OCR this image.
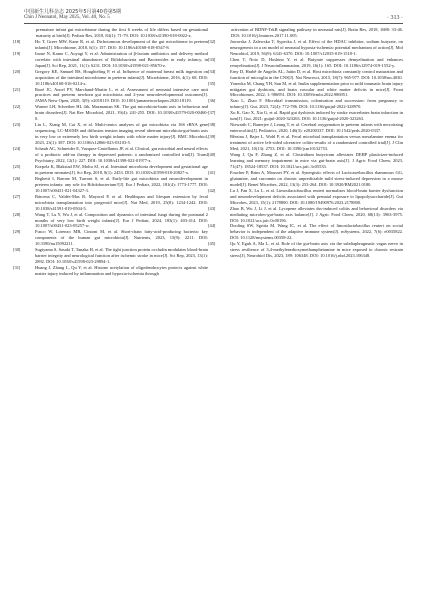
中国新生儿科杂志 2025年5月第40卷第5期
Chin J Neonatol, May 2025, Vol. 40, No. 5	· 313 ·

premature infant gut microbiome during the first 6 weeks of life differs based on gestational maturity at birth[J]. Pediatr Res, 2018, 84(1): 71-79. DOI: 10.1038/s41390-018-0022-z.

[18]	Ho T, Greer MW, Kane R, et al. Dichotomous development of the gut microbiome in preterm infants[J]. Microbiome, 2018, 6(1): 157. DOI: 10.1186/s40168-018-0547-8.

[19]	Inoue N, Kamo C, Aoyagi Y, et al. Administration of β-lactam antibiotics and delivery method correlate with intestinal abundances of Bifidobacteria and Bacteroides in early infancy, in Japan[J]. Sci Rep, 2021, 11(1): 6231. DOI: 10.1038/s41598-021-85670-z.

[20]	Gregory KE, Samuel BS, Houghteling P, et al. Influence of maternal breast milk ingestion on acquisition of the intestinal microbiome in preterm infants[J]. Microbiome, 2016, 4(1): 68. DOI: 10.1186/s40168-016-0214-x.

[21]	Rozé JC, Ancel PY, Marchand-Martin L, et al. Assessment of neonatal intensive care unit practices and preterm newborn gut microbiota and 2-year neurodevelopmental outcomes[J]. JAMA Netw Open, 2020, 3(9): e2018119. DOI: 10.1001/jamanetworkopen.2020.18119.

[22]	Warner LH, Schreiber HL 4th, Mazmanian SK. The gut microbiota-brain axis in behaviour and brain disorders[J]. Nat Rev Microbiol, 2021, 19(4): 241-255. DOI: 10.1038/s41579-020-00460-0.

[23]	Liu L, Xiang M, Cai X, et al. Multi-omics analyses of gut microbiota via 16S rRNA gene sequencing, LC-MS/MS and diffusion tension imaging reveal aberrant microbiota-gut-brain axis in very low or extremely low birth weight infants with white matter injury[J]. BMC Microbiol, 2023, 23(1): 387. DOI: 10.1186/s12866-023-03103-5.

[24]	Schaub AC, Schneider E, Vazquez-Castellanos JF, et al. Clinical, gut microbial and neural effects of a probiotic add-on therapy in depressed patients: a randomized controlled trial[J]. Transl Psychiatry, 2022, 12(1): 227. DOI: 10.1038/s41398-022-01977-z.

[25]	Korpela K, Blakstad EW, Moltu SJ, et al. Intestinal microbiota development and gestational age in preterm neonates[J]. Sci Rep, 2018, 8(1): 2453. DOI: 10.1038/s41598-018-20827-x.

[26]	Beghetti I, Barone M, Turroni S, et al. Early-life gut microbiota and neurodevelopment in preterm infants: any role for Bifidobacterium?[J]. Eur J Pediatr, 2022, 181(4): 1773-1777. DOI: 10.1007/s00431-021-04327-3.

[27]	Bárcena C, Valdés-Mas R, Mayoral P, et al. Healthspan and lifespan extension by fecal microbiota transplantation into progeroid mice[J]. Nat Med, 2019, 25(8): 1234-1242. DOI: 10.1038/s41591-019-0504-5.

[28]	Wang T, Lu Y, Wu J, et al. Composition and dynamics of intestinal fungi during the postnatal 2 months of very low birth weight infants[J]. Eur J Pediatr, 2024, 183(1): 403-414. DOI: 10.1007/s00431-023-05257-w.

[29]	Fusco W, Lorenzo MB, Cintoni M, et al. Short-chain fatty-acid-producing bacteria: key components of the human gut microbiota[J]. Nutrients, 2023, 15(9): 2211. DOI: 10.3390/nu15092211.

[30]	Sugiyama S, Sasaki T, Tanaka H, et al. The tight junction protein occludin modulates blood-brain barrier integrity and neurological function after ischemic stroke in mice[J]. Sci Rep, 2023, 13(1): 2892. DOI: 10.1038/s41598-023-29894-1.

[31]	Huang J, Zhang L, Qu Y, et al. Histone acetylation of oligodendrocytes protects against white matter injury induced by inflammation and hypoxia-ischemia through

activation of BDNF-TrkB signaling pathway in neonatal rats[J]. Brain Res, 2018, 1688: 33-46. DOI: 10.1016/j.brainres.2017.11.005.

[32]	Jaworska J, Zalewska T, Sypecka J, et al. Effect of the HDAC inhibitor, sodium butyrate, on neurogenesis in a rat model of neonatal hypoxia-ischemia: potential mechanism of action[J]. Mol Neurobiol, 2019, 56(9): 6341-6370. DOI: 10.1007/s12035-019-1518-1.

[33]	Chen T, Noto D, Hoshino Y, et al. Butyrate suppresses demyelination and enhances remyelination[J]. J Neuroinflammation, 2019, 16(1): 165. DOI: 10.1186/s12974-019-1552-y.

[34]	Erny D, Hrabě de Angelis AL, Jaitin D, et al. Host microbiota constantly control maturation and function of microglia in the CNS[J]. Nat Neurosci, 2015, 18(7): 965-977. DOI: 10.1038/nn.4030.

[35]	Yoneoka M, Chang YH, Sun M, et al. Inulin supplementation prior to mild traumatic brain injury mitigates gut dysbiosis, and brain vascular and white matter deficits in mice[J]. Front Microbiomes, 2022, 1: 986951. DOI: 10.3389/frmbi.2022.986951.

[36]	Xiao L, Zhao F. Microbial transmission, colonisation and succession: from pregnancy to infancy[J]. Gut, 2023, 72(4): 772-786. DOI: 10.1136/gutjnl-2022-328970.

[37]	Xu K, Gao X, Xia G, et al. Rapid gut dysbiosis induced by stroke exacerbates brain infarction in turn[J]. Gut, 2021: gutjnl-2020-323263. DOI: 10.1136/gutjnl-2020-323263.

[38]	Niewarth C, Banerjee J, Leung T, et al. Cerebral oxygenation in preterm infants with necrotizing enterocolitis[J]. Pediatrics, 2020, 146(3): e20200337. DOI: 10.1542/peds.2020-0337.

[39]	Březina J, Bajer L, Wohl P, et al. Fecal microbial transplantation versus mesalamine enema for treatment of active left-sided ulcerative colitis-results of a randomized controlled trial[J]. J Clin Med, 2021, 10(13): 2753. DOI: 10.3390/jcm10132753.

[40]	Wang J, Qu F, Zhang Z, et al. Clostridium butyricum alleviates DEHP plasticizer-induced learning and memory impairment in mice via gut-brain axis[J]. J Agric Food Chem, 2023, 71(47): 18524-18537. DOI: 10.1021/acs.jafc.3c05533.

[41]	Foucher P, Brim A, Mousset PY, et al. Synergistic effects of Lacticaseibacillus rhamnosus GG, glutamine, and curcumin on chronic unpredictable mild stress-induced depression in a mouse model[J]. Benef Microbes, 2022, 13(3): 253-264. DOI: 10.3920/BM2021.0180.

[42]	Lu J, Fan X, Lu L, et al. Limosilactobacillus reuteri normalizes blood-brain barrier dysfunction and neurodevelopment deficits associated with prenatal exposure to lipopolysaccharide[J]. Gut Microbes, 2023, 15(1): 2178800. DOI: 10.1080/19490976.2023.2178800.

[43]	Zhao B, Wu J, Li J, et al. Lycopene alleviates dss-induced colitis and behavioral disorders via mediating microbes-gut-brain axis balance[J]. J Agric Food Chem, 2020, 68(13): 3963-3975. DOI: 10.1021/acs.jafc.0c00196.

[44]	Dooling SW, Sgritta M, Wang IC, et al. The effect of limosilactobacillus reuteri on social behavior is independent of the adaptive immune system[J]. mSystems, 2022, 7(6): e0035822. DOI: 10.1128/msystems.00358-22.

[45]	Qu Y, Egub A, Ma L, et al. Role of the gut-brain axis via the subdiaphragmatic vagus nerve in stress resilience of 3,4-methylenedioxymethamphetamine in mice exposed to chronic restrain stress[J]. Neurobiol Dis, 2023, 189: 106348. DOI: 10.1016/j.nbd.2023.106348.
